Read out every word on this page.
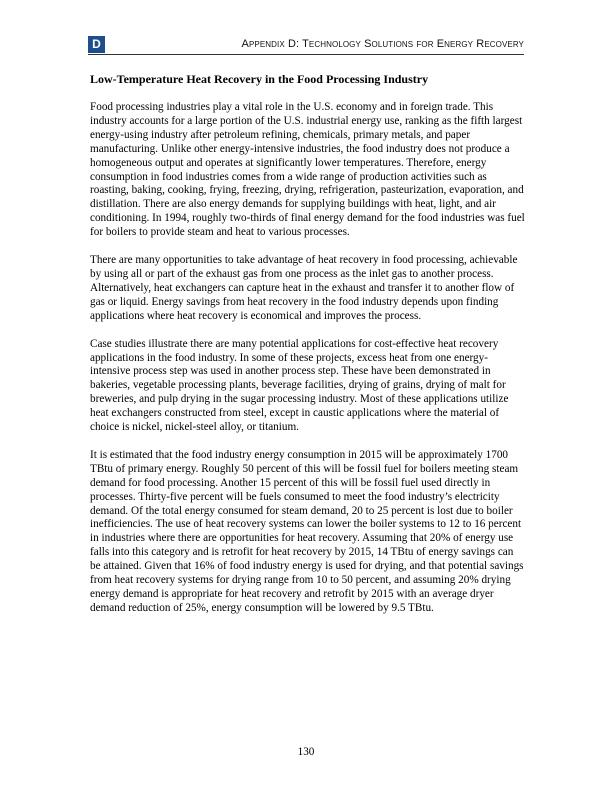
D	Appendix D: Technology Solutions for Energy Recovery
Low-Temperature Heat Recovery in the Food Processing Industry

Food processing industries play a vital role in the U.S. economy and in foreign trade. This industry accounts for a large portion of the U.S. industrial energy use, ranking as the fifth largest energy-using industry after petroleum refining, chemicals, primary metals, and paper manufacturing. Unlike other energy-intensive industries, the food industry does not produce a homogeneous output and operates at significantly lower temperatures. Therefore, energy consumption in food industries comes from a wide range of production activities such as roasting, baking, cooking, frying, freezing, drying, refrigeration, pasteurization, evaporation, and distillation. There are also energy demands for supplying buildings with heat, light, and air conditioning. In 1994, roughly two-thirds of final energy demand for the food industries was fuel for boilers to provide steam and heat to various processes.

There are many opportunities to take advantage of heat recovery in food processing, achievable by using all or part of the exhaust gas from one process as the inlet gas to another process. Alternatively, heat exchangers can capture heat in the exhaust and transfer it to another flow of gas or liquid. Energy savings from heat recovery in the food industry depends upon finding applications where heat recovery is economical and improves the process.

Case studies illustrate there are many potential applications for cost-effective heat recovery applications in the food industry. In some of these projects, excess heat from one energy-intensive process step was used in another process step. These have been demonstrated in bakeries, vegetable processing plants, beverage facilities, drying of grains, drying of malt for breweries, and pulp drying in the sugar processing industry. Most of these applications utilize heat exchangers constructed from steel, except in caustic applications where the material of choice is nickel, nickel-steel alloy, or titanium.

It is estimated that the food industry energy consumption in 2015 will be approximately 1700 TBtu of primary energy. Roughly 50 percent of this will be fossil fuel for boilers meeting steam demand for food processing. Another 15 percent of this will be fossil fuel used directly in processes. Thirty-five percent will be fuels consumed to meet the food industry’s electricity demand. Of the total energy consumed for steam demand, 20 to 25 percent is lost due to boiler inefficiencies. The use of heat recovery systems can lower the boiler systems to 12 to 16 percent in industries where there are opportunities for heat recovery. Assuming that 20% of energy use falls into this category and is retrofit for heat recovery by 2015, 14 TBtu of energy savings can be attained. Given that 16% of food industry energy is used for drying, and that potential savings from heat recovery systems for drying range from 10 to 50 percent, and assuming 20% drying energy demand is appropriate for heat recovery and retrofit by 2015 with an average dryer demand reduction of 25%, energy consumption will be lowered by 9.5 TBtu.

130
